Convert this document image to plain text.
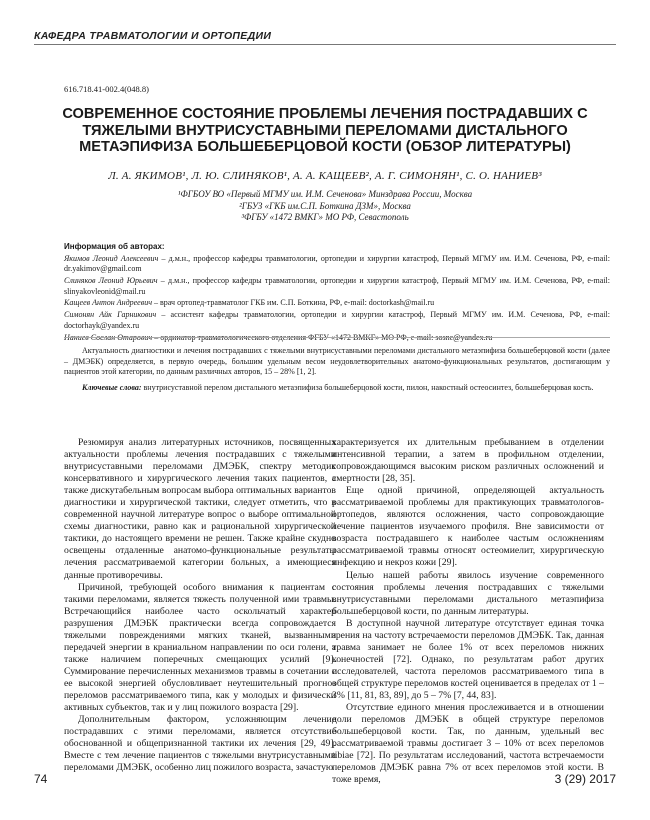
КАФЕДРА ТРАВМАТОЛОГИИ И ОРТОПЕДИИ
616.718.41-002.4(048.8)
СОВРЕМЕННОЕ СОСТОЯНИЕ ПРОБЛЕМЫ ЛЕЧЕНИЯ ПОСТРАДАВШИХ С ТЯЖЕЛЫМИ ВНУТРИСУСТАВНЫМИ ПЕРЕЛОМАМИ ДИСТАЛЬНОГО МЕТАЭПИФИЗА БОЛЬШЕБЕРЦОВОЙ КОСТИ (ОБЗОР ЛИТЕРАТУРЫ)
Л. А. ЯКИМОВ¹, Л. Ю. СЛИНЯКОВ¹, А. А. КАЩЕЕВ², А. Г. СИМОНЯН¹, С. О. НАНИЕВ³
¹ФГБОУ ВО «Первый МГМУ им. И.М. Сеченова» Минздрава России, Москва
²ГБУЗ «ГКБ им.С.П. Боткина ДЗМ», Москва
³ФГБУ «1472 ВМКГ» МО РФ, Севастополь
Информация об авторах:
Якимов Леонид Алексеевич – д.м.н., профессор кафедры травматологии, ортопедии и хирургии катастроф, Первый МГМУ им. И.М. Сеченова, РФ, e-mail: dr.yakimov@gmail.com
Слиняков Леонид Юрьевич – д.м.н., профессор кафедры травматологии, ортопедии и хирургии катастроф, Первый МГМУ им. И.М. Сеченова, РФ, e-mail: slinyakovleonid@mail.ru
Кащеев Антон Андреевич – врач ортопед-травматолог ГКБ им. С.П. Боткина, РФ, e-mail: doctorkash@mail.ru
Симонян Айк Гарникович – ассистент кафедры травматологии, ортопедии и хирургии катастроф, Первый МГМУ им. И.М. Сеченова, РФ, e-mail: doctorhayk@yandex.ru
Наниев Сослан Отарович – ординатор травматологического отделения ФГБУ «1472 ВМКГ» МО РФ, e-mail: sosne@yandex.ru
Актуальность диагностики и лечения пострадавших с тяжелыми внутрисуставными переломами дистального метаэпифиза большеберцовой кости (далее – ДМЭБК) определяется, в первую очередь, большим удельным весом неудовлетворительных анатомо-функциональных результатов, достигающим у пациентов этой категории, по данным различных авторов, 15 – 28% [1, 2].
Ключевые слова: внутрисуставной перелом дистального метаэпифиза большеберцовой кости, пилон, накостный остеосинтез, большеберцовая кость.

Резюмируя анализ литературных источников, посвященных актуальности проблемы лечения пострадавших с тяжелыми внутрисуставными переломами ДМЭБК, спектру методик консервативного и хирургического лечения таких пациентов, а также дискутабельным вопросам выбора оптимальных вариантов диагностики и хирургической тактики, следует отметить, что в современной научной литературе вопрос о выборе оптимальной схемы диагностики, равно как и рациональной хирургической тактики, до настоящего времени не решен. Также крайне скудно освещены отдаленные анатомо-функциональные результаты лечения рассматриваемой категории больных, а имеющиеся данные противоречивы.

Причиной, требующей особого внимания к пациентам с такими переломами, является тяжесть полученной ими травмы. Встречающийся наиболее часто оскольчатый характер разрушения ДМЭБК практически всегда сопровождается тяжелыми повреждениями мягких тканей, вызванными передачей энергии в краниальном направлении по оси голени, а также наличием поперечных смещающих усилий [9]. Суммирование перечисленных механизмов травмы в сочетании с ее высокой энергией обусловливает неутешительный прогноз переломов рассматриваемого типа, как у молодых и физически активных субъектов, так и у лиц пожилого возраста [29].

Дополнительным фактором, усложняющим лечение пострадавших с этими переломами, является отсутствие обоснованной и общепризнанной тактики их лечения [29, 49]. Вместе с тем лечение пациентов с тяжелыми внутрисуставными переломами ДМЭБК, особенно лиц пожилого возраста, зачастую

характеризуется их длительным пребыванием в отделении интенсивной терапии, а затем в профильном отделении, сопровождающимся высоким риском различных осложнений и смертности [28, 35].

Еще одной причиной, определяющей актуальность рассматриваемой проблемы для практикующих травматологов-ортопедов, являются осложнения, часто сопровождающие лечение пациентов изучаемого профиля. Вне зависимости от возраста пострадавшего к наиболее частым осложнениям рассматриваемой травмы относят остеомиелит, хирургическую инфекцию и некроз кожи [29].

Целью нашей работы явилось изучение современного состояния проблемы лечения пострадавших с тяжелыми внутрисуставными переломами дистального метаэпифиза большеберцовой кости, по данным литературы.

В доступной научной литературе отсутствует единая точка зрения на частоту встречаемости переломов ДМЭБК. Так, данная травма занимает не более 1% от всех переломов нижних конечностей [72]. Однако, по результатам работ других исследователей, частота переломов рассматриваемого типа в общей структуре переломов костей оценивается в пределах от 1 – 3% [11, 81, 83, 89], до 5 – 7% [7, 44, 83].

Отсутствие единого мнения прослеживается и в отношении доли переломов ДМЭБК в общей структуре переломов большеберцовой кости. Так, по данным, удельный вес рассматриваемой травмы достигает 3 – 10% от всех переломов tibiae [72]. По результатам исследований, частота встречаемости переломов ДМЭБК равна 7% от всех переломов этой кости. В тоже время,

74	3 (29) 2017
